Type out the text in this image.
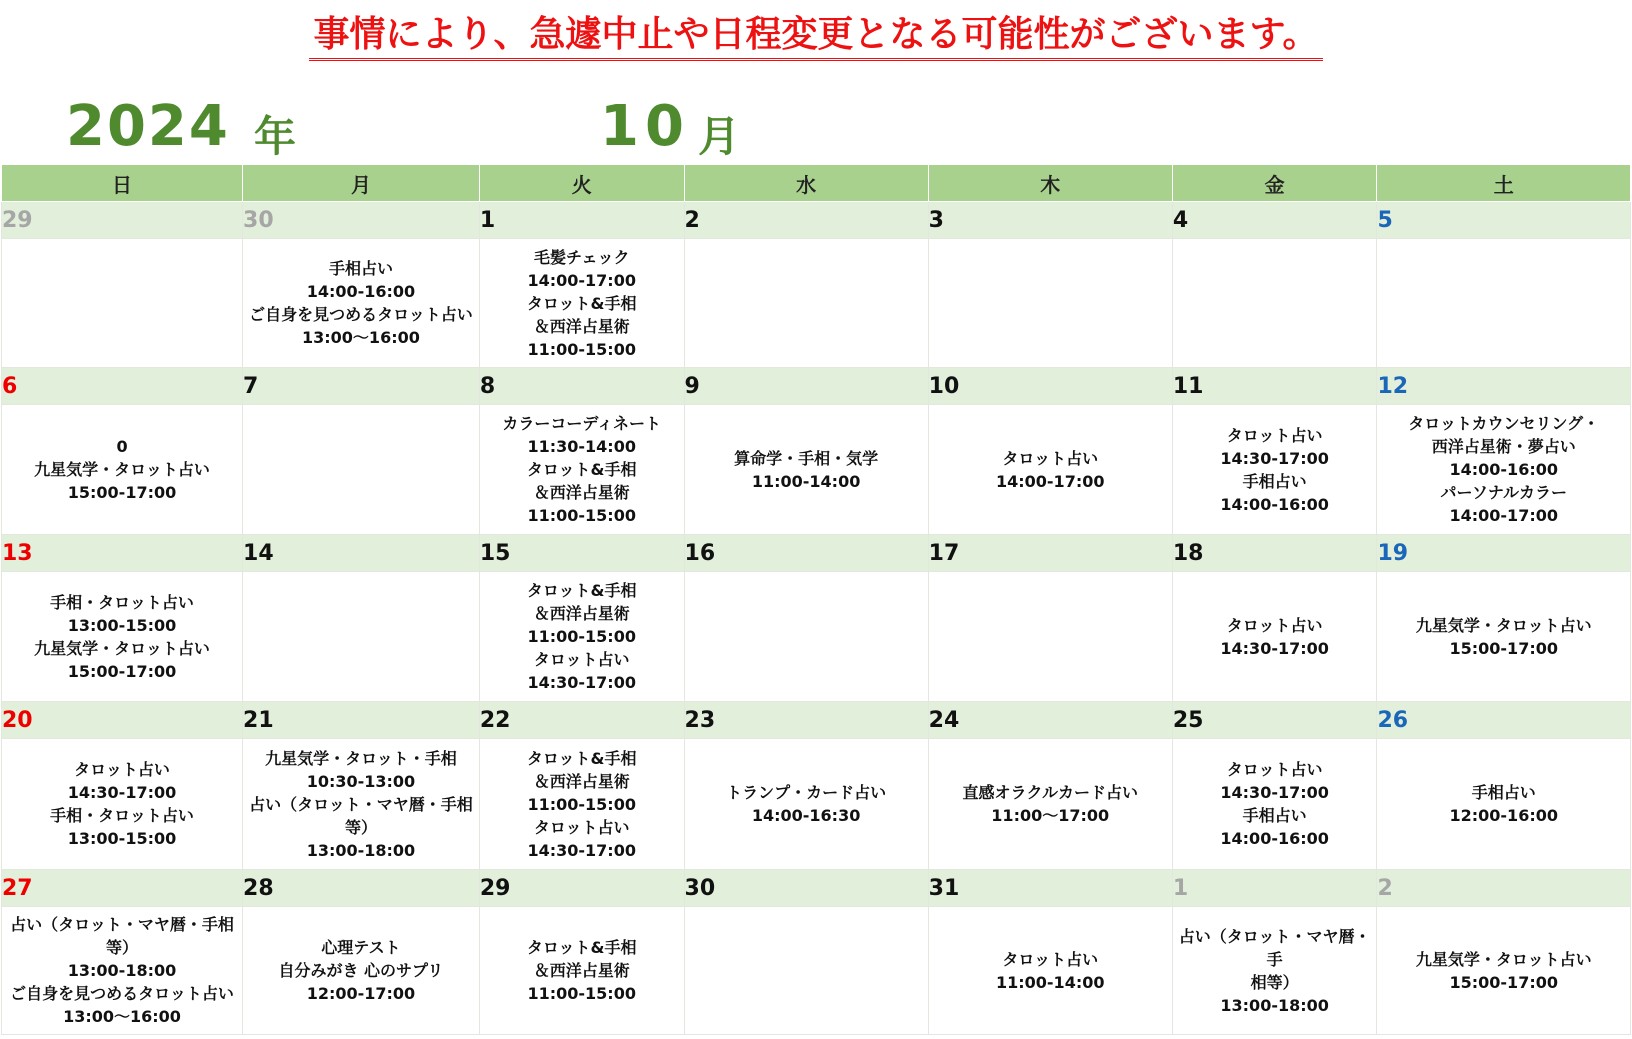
事情により、急遽中止や日程変更となる可能性がございます。
2024 年	10 月
日	月	火	水	木	金	土
29	30	1	2	3	4	5

	手相占い
14:00-16:00
ご自身を見つめるタロット占い
13:00〜16:00	毛髪チェック
14:00-17:00
タロット&手相
＆西洋占星術
11:00-15:00				

6	7	8	9	10	11	12

0
九星気学・タロット占い
15:00-17:00		カラーコーディネート
11:30-14:00
タロット&手相
＆西洋占星術
11:00-15:00	算命学・手相・気学
11:00-14:00	タロット占い
14:00-17:00	タロット占い
14:30-17:00
手相占い
14:00-16:00	タロットカウンセリング・
西洋占星術・夢占い
14:00-16:00
パーソナルカラー
14:00-17:00

13	14	15	16	17	18	19

手相・タロット占い
13:00-15:00
九星気学・タロット占い
15:00-17:00		タロット&手相
＆西洋占星術
11:00-15:00
タロット占い
14:30-17:00			タロット占い
14:30-17:00	九星気学・タロット占い
15:00-17:00

20	21	22	23	24	25	26

タロット占い
14:30-17:00
手相・タロット占い
13:00-15:00	九星気学・タロット・手相
10:30-13:00
占い（タロット・マヤ暦・手相等）
13:00-18:00	タロット&手相
＆西洋占星術
11:00-15:00
タロット占い
14:30-17:00	トランプ・カード占い
14:00-16:30	直感オラクルカード占い
11:00〜17:00	タロット占い
14:30-17:00
手相占い
14:00-16:00	手相占い
12:00-16:00

27	28	29	30	31	1	2

占い（タロット・マヤ暦・手相等）
13:00-18:00
ご自身を見つめるタロット占い
13:00〜16:00	心理テスト
自分みがき 心のサプリ
12:00-17:00	タロット&手相
＆西洋占星術
11:00-15:00		タロット占い
11:00-14:00	占い（タロット・マヤ暦・手
相等）
13:00-18:00	九星気学・タロット占い
15:00-17:00
